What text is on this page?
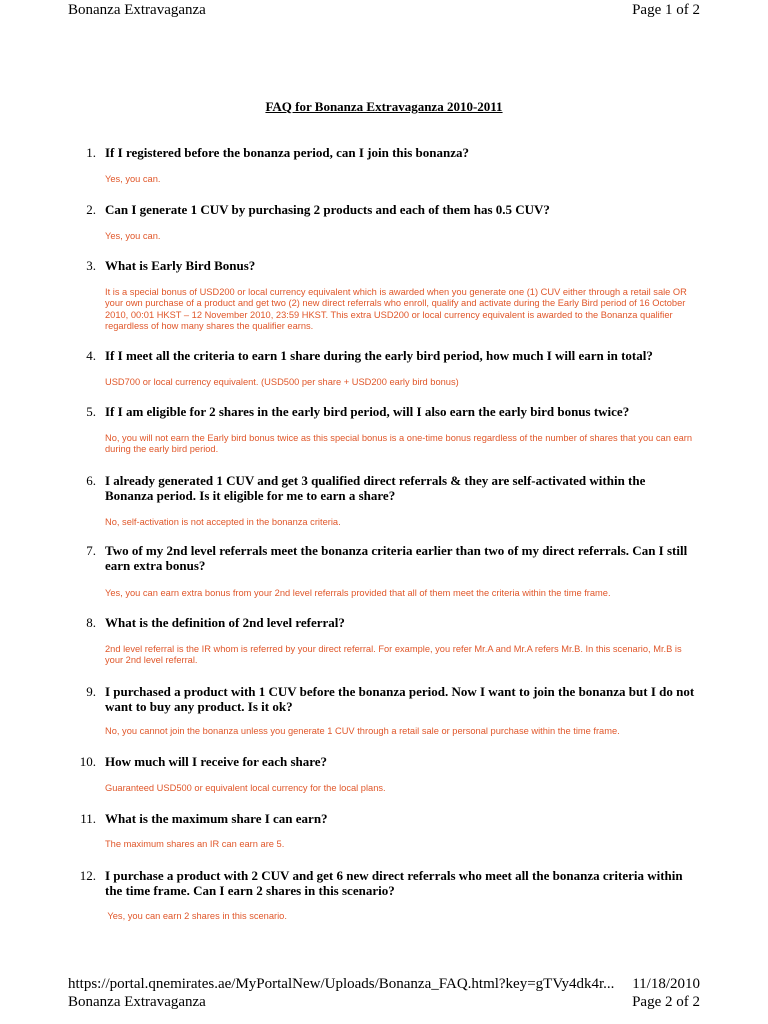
Bonanza Extravaganza	Page 1 of 2
FAQ for Bonanza Extravaganza 2010-2011
1. If I registered before the bonanza period, can I join this bonanza?
Yes, you can.
2. Can I generate 1 CUV by purchasing 2 products and each of them has 0.5 CUV?
Yes, you can.
3. What is Early Bird Bonus?
It is a special bonus of USD200 or local currency equivalent which is awarded when you generate one (1) CUV either through a retail sale OR your own purchase of a product and get two (2) new direct referrals who enroll, qualify and activate during the Early Bird period of 16 October 2010, 00:01 HKST – 12 November 2010, 23:59 HKST. This extra USD200 or local currency equivalent is awarded to the Bonanza qualifier regardless of how many shares the qualifier earns.
4. If I meet all the criteria to earn 1 share during the early bird period, how much I will earn in total?
USD700 or local currency equivalent. (USD500 per share + USD200 early bird bonus)
5. If I am eligible for 2 shares in the early bird period, will I also earn the early bird bonus twice?
No, you will not earn the Early bird bonus twice as this special bonus is a one-time bonus regardless of the number of shares that you can earn during the early bird period.
6. I already generated 1 CUV and get 3 qualified direct referrals & they are self-activated within the Bonanza period. Is it eligible for me to earn a share?
No, self-activation is not accepted in the bonanza criteria.
7. Two of my 2nd level referrals meet the bonanza criteria earlier than two of my direct referrals. Can I still earn extra bonus?
Yes, you can earn extra bonus from your 2nd level referrals provided that all of them meet the criteria within the time frame.
8. What is the definition of 2nd level referral?
2nd level referral is the IR whom is referred by your direct referral. For example, you refer Mr.A and Mr.A refers Mr.B. In this scenario, Mr.B is your 2nd level referral.
9. I purchased a product with 1 CUV before the bonanza period. Now I want to join the bonanza but I do not want to buy any product. Is it ok?
No, you cannot join the bonanza unless you generate 1 CUV through a retail sale or personal purchase within the time frame.
10. How much will I receive for each share?
Guaranteed USD500 or equivalent local currency for the local plans.
11. What is the maximum share I can earn?
The maximum shares an IR can earn are 5.
12. I purchase a product with 2 CUV and get 6 new direct referrals who meet all the bonanza criteria within the time frame. Can I earn 2 shares in this scenario?
Yes, you can earn 2 shares in this scenario.
https://portal.qnemirates.ae/MyPortalNew/Uploads/Bonanza_FAQ.html?key=gTVy4dk4r... 11/18/2010
Bonanza Extravaganza	Page 2 of 2
